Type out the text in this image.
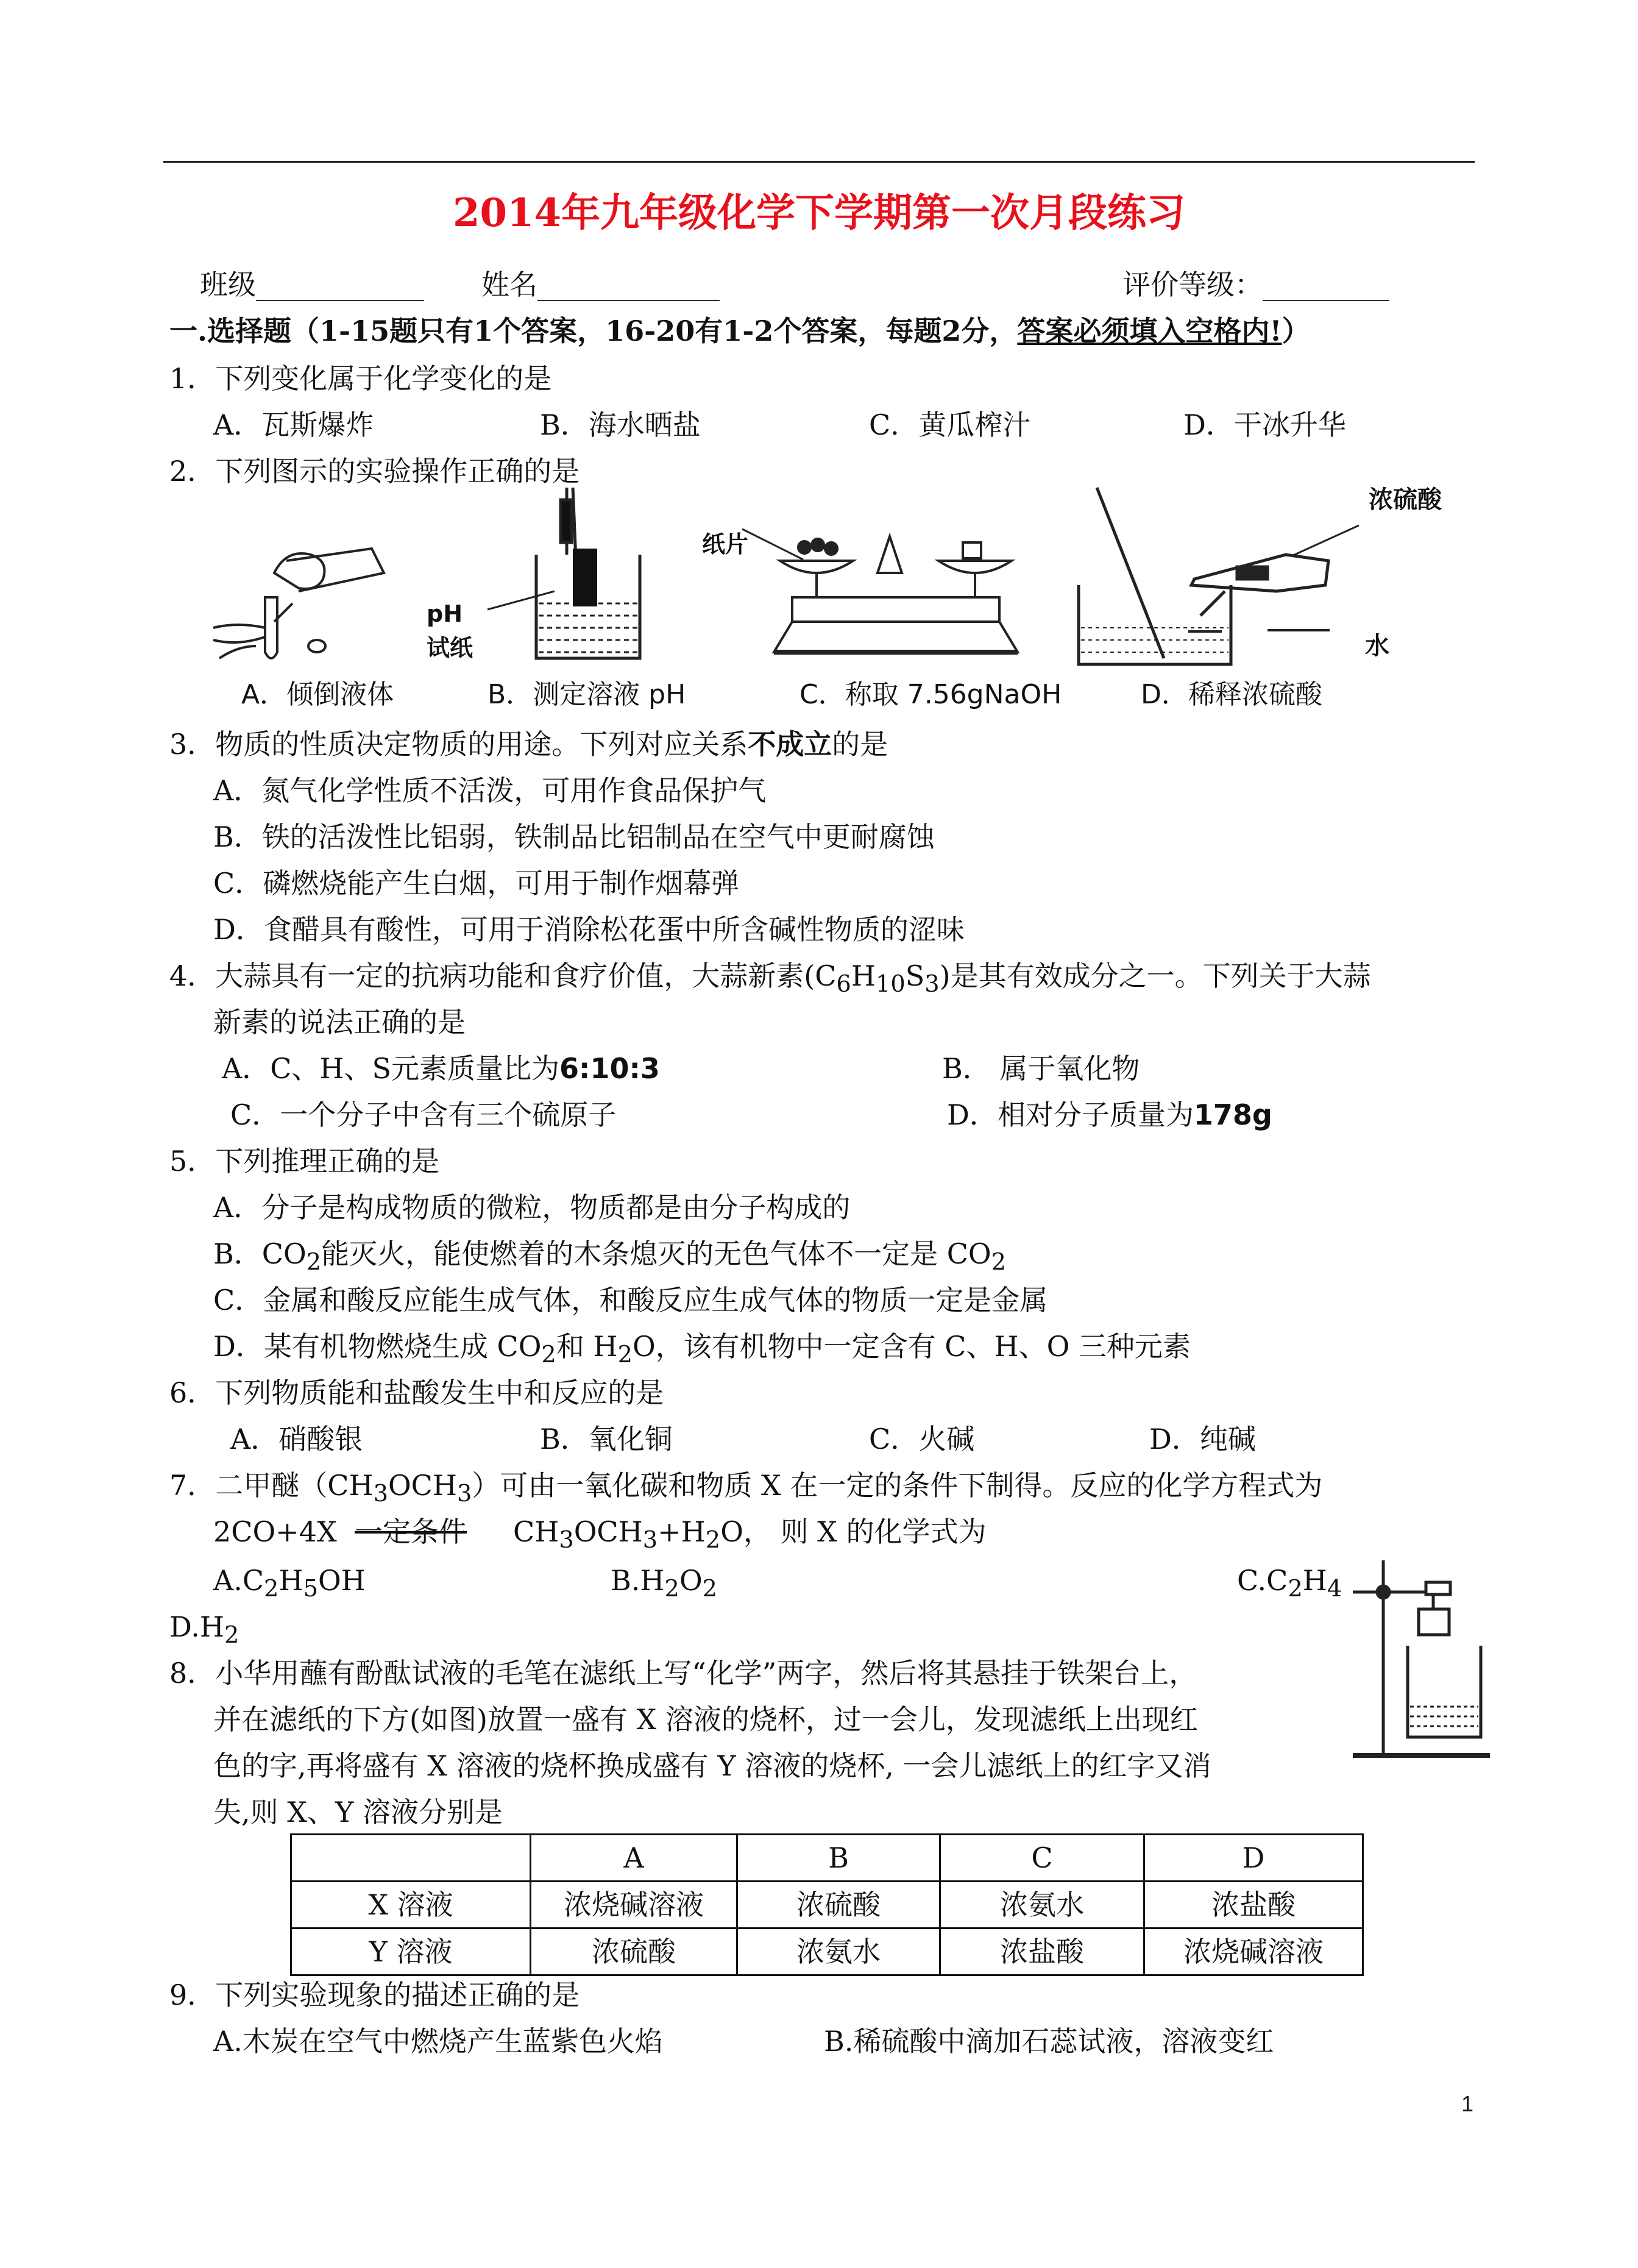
2014年九年级化学下学期第一次月段练习
班级____________ 姓名_____________	评价等级：_________
一.选择题（1-15题只有1个答案，16-20有1-2个答案，每题2分，答案必须填入空格内!）
1．下列变化属于化学变化的是
A．瓦斯爆炸	B．海水晒盐	C．黄瓜榨汁	D．干冰升华
2．下列图示的实验操作正确的是
pH
试纸
纸片
浓硫酸
水
A．倾倒液体	B．测定溶液 pH	C．称取 7.56gNaOH	D．稀释浓硫酸
3．物质的性质决定物质的用途。下列对应关系不成立的是
A．氮气化学性质不活泼，可用作食品保护气
B．铁的活泼性比铝弱，铁制品比铝制品在空气中更耐腐蚀
C．磷燃烧能产生白烟，可用于制作烟幕弹
D．食醋具有酸性，可用于消除松花蛋中所含碱性物质的涩味
4．大蒜具有一定的抗病功能和食疗价值，大蒜新素$(C_6H_{10}S_3)$是其有效成分之一。下列关于大蒜
新素的说法正确的是
A．C、H、S元素质量比为6:10:3	B． 属于氧化物
C．一个分子中含有三个硫原子	D．相对分子质量为178g
5．下列推理正确的是
A．分子是构成物质的微粒，物质都是由分子构成的
B．$CO_2$能灭火，能使燃着的木条熄灭的无色气体不一定是 $CO_2$
C．金属和酸反应能生成气体，和酸反应生成气体的物质一定是金属
D．某有机物燃烧生成 $CO_2$和 $H_2O$，该有机物中一定含有 C、H、O 三种元素
6．下列物质能和盐酸发生中和反应的是
A．硝酸银	B．氧化铜	C．火碱	D．纯碱
7．二甲醚$(CH_3OCH_3)$可由一氧化碳和物质 X 在一定的条件下制得。反应的化学方程式为
2CO+4X 一定条件 $CH_3OCH_3+H_2O$， 则 X 的化学式为
$A.C_2H_5OH$	$B.H_2O_2$	$C.C_2H_4$
$D.H_2$
8．小华用蘸有酚酞试液的毛笔在滤纸上写“化学”两字，然后将其悬挂于铁架台上，
并在滤纸的下方(如图)放置一盛有 X 溶液的烧杯，过一会儿，发现滤纸上出现红
色的字,再将盛有 X 溶液的烧杯换成盛有 Y 溶液的烧杯, 一会儿滤纸上的红字又消
失,则 X、Y 溶液分别是
	A	B	C	D
X 溶液	浓烧碱溶液	浓硫酸	浓氨水	浓盐酸
Y 溶液	浓硫酸	浓氨水	浓盐酸	浓烧碱溶液
9．下列实验现象的描述正确的是
A.木炭在空气中燃烧产生蓝紫色火焰	B.稀硫酸中滴加石蕊试液，溶液变红
1
